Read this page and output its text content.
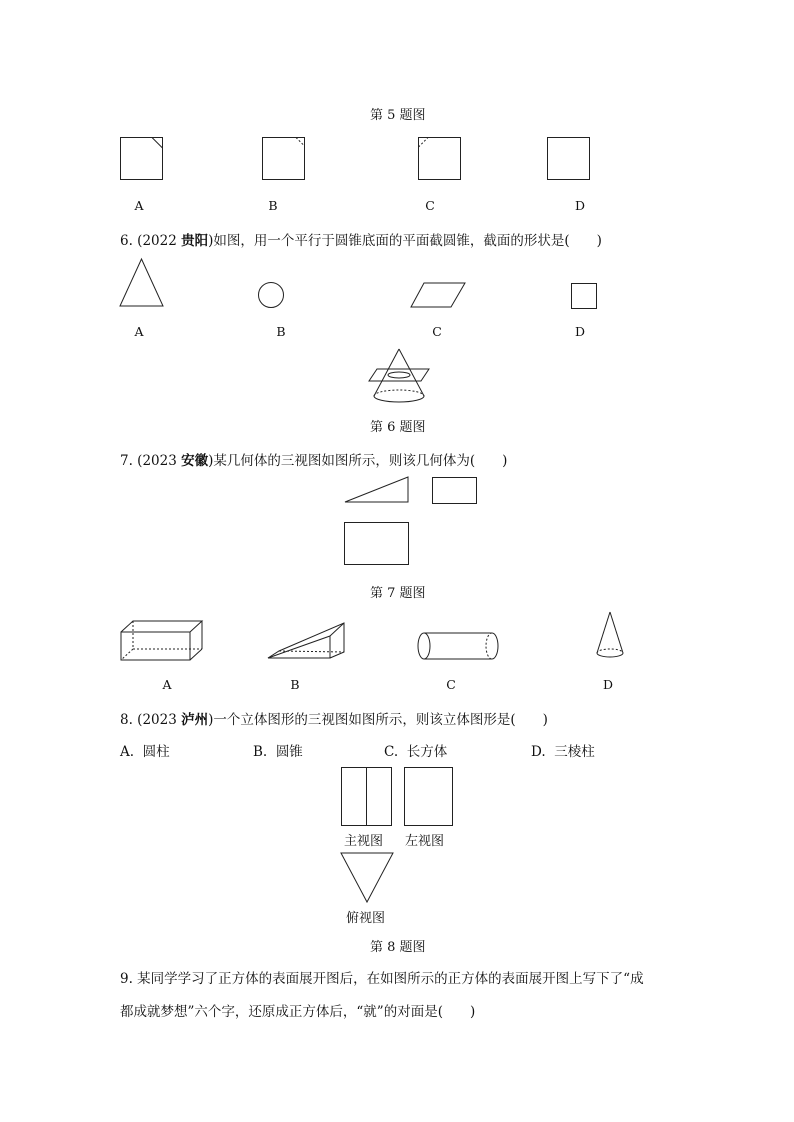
第 5 题图
A	B	C	D
6. (2022 贵阳)如图，用一个平行于圆锥底面的平面截圆锥，截面的形状是(　　)
A	B	C	D
第 6 题图
7. (2023 安徽)某几何体的三视图如图所示，则该几何体为(　　)
第 7 题图
A	B	C	D
8. (2023 泸州)一个立体图形的三视图如图所示，则该立体图形是(　　)
A. 圆柱	B. 圆锥	C. 长方体	D. 三棱柱
主视图 左视图
俯视图
第 8 题图
9. 某同学学习了正方体的表面展开图后，在如图所示的正方体的表面展开图上写下了“成
都成就梦想”六个字，还原成正方体后，“就”的对面是(　　)
